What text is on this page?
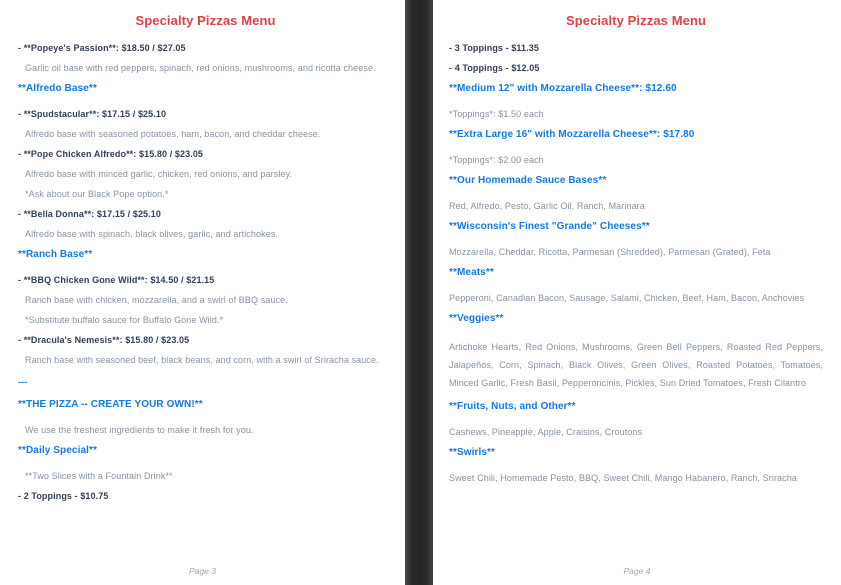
Specialty Pizzas Menu

- **Popeye's Passion**: $18.50 / $27.05

Garlic oil base with red peppers, spinach, red onions, mushrooms, and ricotta cheese.

**Alfredo Base**

- **Spudstacular**: $17.15 / $25.10

Alfredo base with seasoned potatoes, ham, bacon, and cheddar cheese.

- **Pope Chicken Alfredo**: $15.80 / $23.05

Alfredo base with minced garlic, chicken, red onions, and parsley.

*Ask about our Black Pope option.*

- **Bella Donna**: $17.15 / $25.10

Alfredo base with spinach, black olives, garlic, and artichokes.

**Ranch Base**

- **BBQ Chicken Gone Wild**: $14.50 / $21.15

Ranch base with chicken, mozzarella, and a swirl of BBQ sauce.

*Substitute buffalo sauce for Buffalo Gone Wild.*

- **Dracula's Nemesis**: $15.80 / $23.05

Ranch base with seasoned beef, black beans, and corn, with a swirl of Sriracha sauce.

---

**THE PIZZA -- CREATE YOUR OWN!**

We use the freshest ingredients to make it fresh for you.

**Daily Special**

**Two Slices with a Fountain Drink**

- 2 Toppings - $10.75

Page 3
Specialty Pizzas Menu

- 3 Toppings - $11.35

- 4 Toppings - $12.05

**Medium 12" with Mozzarella Cheese**: $12.60

*Toppings*: $1.50 each

**Extra Large 16" with Mozzarella Cheese**: $17.80

*Toppings*: $2.00 each

**Our Homemade Sauce Bases**

Red, Alfredo, Pesto, Garlic Oil, Ranch, Marinara

**Wisconsin's Finest "Grande" Cheeses**

Mozzarella, Cheddar, Ricotta, Parmesan (Shredded), Parmesan (Grated), Feta

**Meats**

Pepperoni, Canadian Bacon, Sausage, Salami, Chicken, Beef, Ham, Bacon, Anchovies

**Veggies**

Artichoke Hearts, Red Onions, Mushrooms, Green Bell Peppers, Roasted Red Peppers, Jalapeños, Corn, Spinach, Black Olives, Green Olives, Roasted Potatoes, Tomatoes, Minced Garlic, Fresh Basil, Pepperoncinis, Pickles, Sun Dried Tomatoes, Fresh Cilantro

**Fruits, Nuts, and Other**

Cashews, Pineapple, Apple, Craisins, Croutons

**Swirls**

Sweet Chili, Homemade Pesto, BBQ, Sweet Chili, Mango Habanero, Ranch, Sriracha

Page 4
